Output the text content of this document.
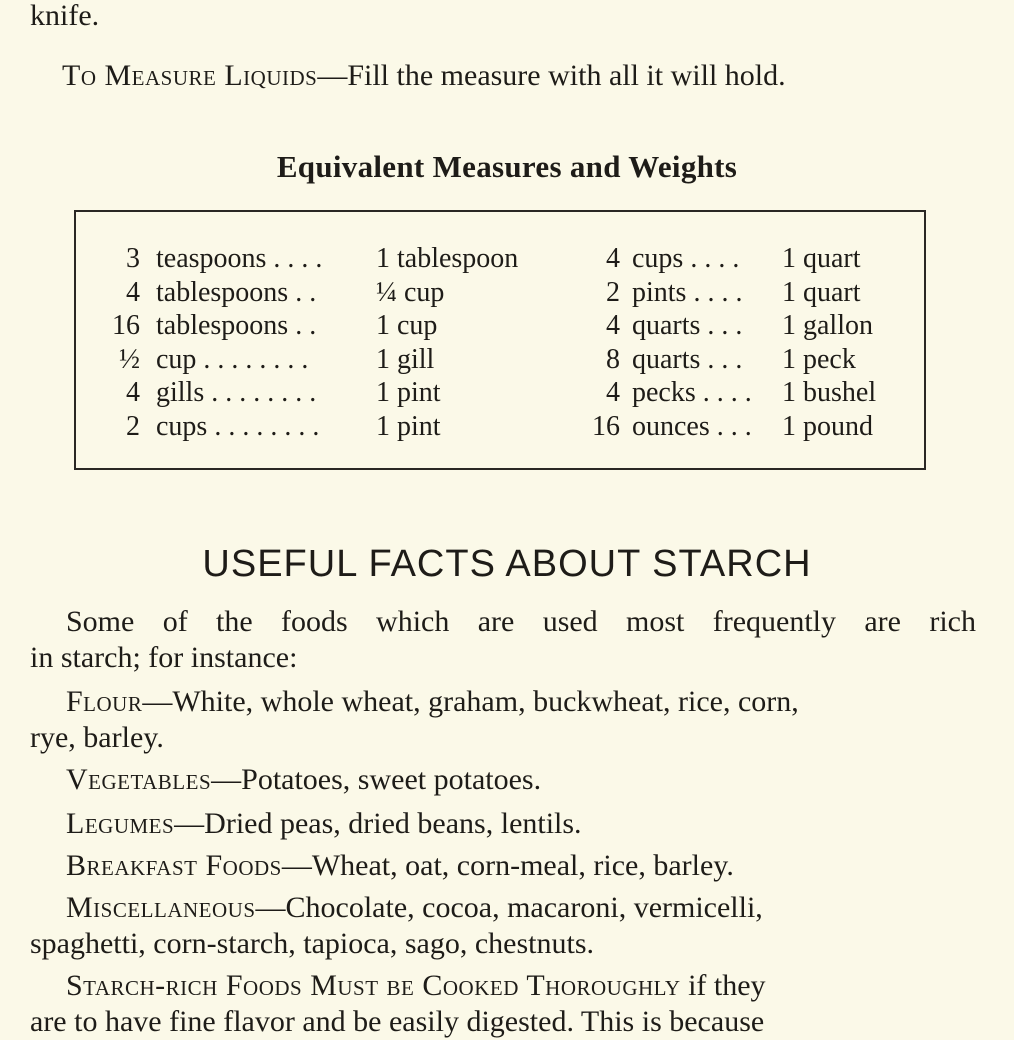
knife.
To Measure Liquids—Fill the measure with all it will hold.
Equivalent Measures and Weights
3 teaspoons . . . . 1 tablespoon
4 tablespoons . . ¼ cup
16 tablespoons . . 1 cup
½ cup . . . . . . . . 1 gill
4 gills . . . . . . . . 1 pint
2 cups . . . . . . . . 1 pint
4 cups . . . . 1 quart
2 pints . . . . 1 quart
4 quarts . . . 1 gallon
8 quarts . . . 1 peck
4 pecks . . . . 1 bushel
16 ounces . . . 1 pound
USEFUL FACTS ABOUT STARCH
Some of the foods which are used most frequently are rich
in starch; for instance:
Flour—White, whole wheat, graham, buckwheat, rice, corn,
rye, barley.
Vegetables—Potatoes, sweet potatoes.
Legumes—Dried peas, dried beans, lentils.
Breakfast Foods—Wheat, oat, corn-meal, rice, barley.
Miscellaneous—Chocolate, cocoa, macaroni, vermicelli,
spaghetti, corn-starch, tapioca, sago, chestnuts.
Starch-rich Foods Must be Cooked Thoroughly if they
are to have fine flavor and be easily digested. This is because
